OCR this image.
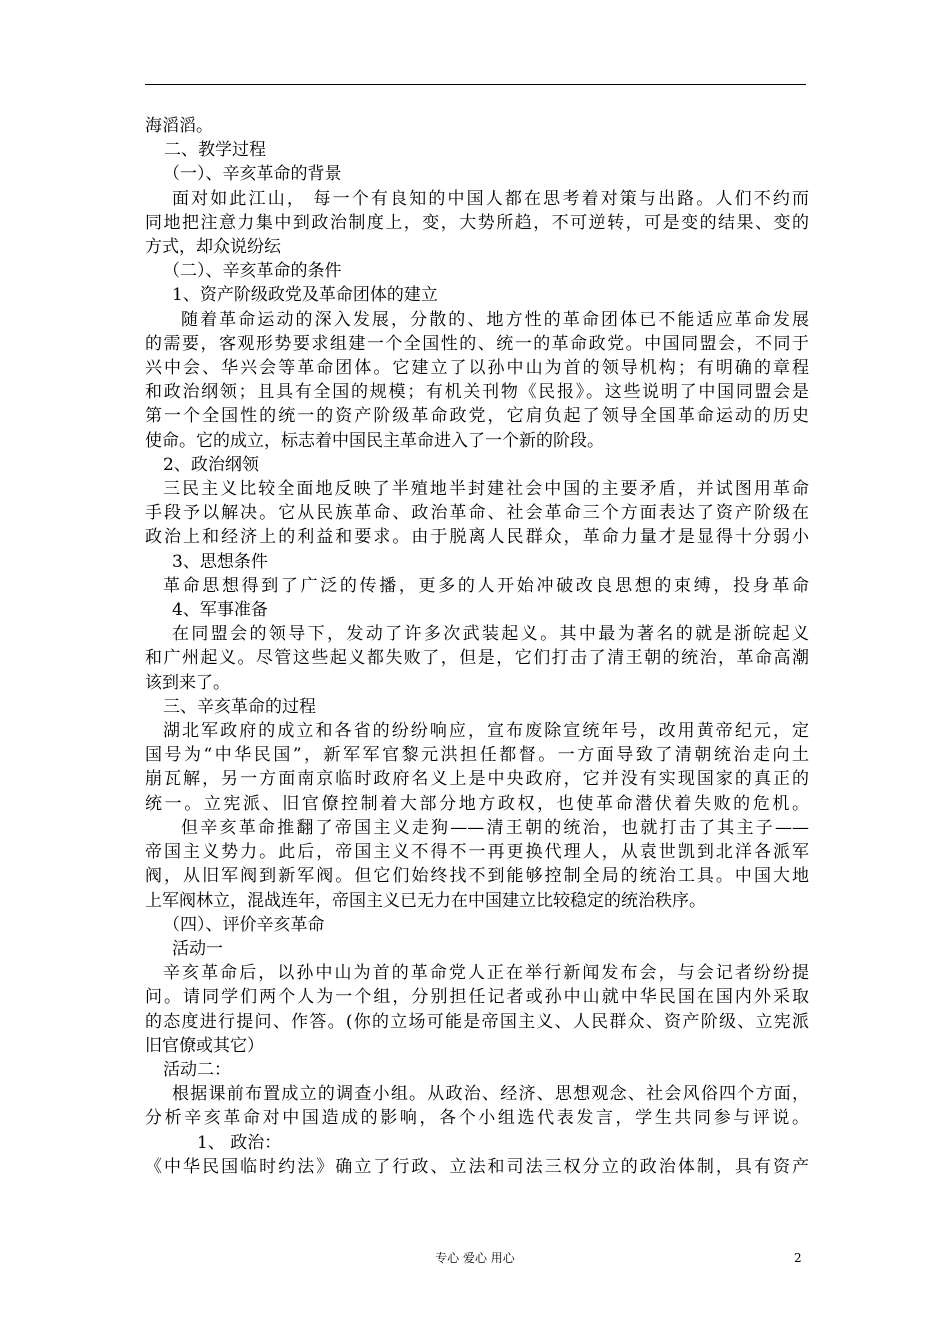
海滔滔。
二、教学过程
（一）、辛亥革命的背景
面对如此江山， 每一个有良知的中国人都在思考着对策与出路。人们不约而
同地把注意力集中到政治制度上，变，大势所趋，不可逆转，可是变的结果、变的
方式，却众说纷纭
（二）、辛亥革命的条件
1、资产阶级政党及革命团体的建立
随着革命运动的深入发展，分散的、地方性的革命团体已不能适应革命发展
的需要，客观形势要求组建一个全国性的、统一的革命政党。中国同盟会，不同于
兴中会、华兴会等革命团体。它建立了以孙中山为首的领导机构；有明确的章程
和政治纲领；且具有全国的规模；有机关刊物《民报》。这些说明了中国同盟会是
第一个全国性的统一的资产阶级革命政党，它肩负起了领导全国革命运动的历史
使命。它的成立，标志着中国民主革命进入了一个新的阶段。
2、政治纲领
三民主义比较全面地反映了半殖地半封建社会中国的主要矛盾，并试图用革命
手段予以解决。它从民族革命、政治革命、社会革命三个方面表达了资产阶级在
政治上和经济上的利益和要求。由于脱离人民群众，革命力量才是显得十分弱小
3、思想条件
革命思想得到了广泛的传播，更多的人开始冲破改良思想的束缚，投身革命
4、军事准备
在同盟会的领导下，发动了许多次武装起义。其中最为著名的就是浙皖起义
和广州起义。尽管这些起义都失败了，但是，它们打击了清王朝的统治，革命高潮
该到来了。
三、辛亥革命的过程
湖北军政府的成立和各省的纷纷响应，宣布废除宣统年号，改用黄帝纪元，定
国号为“中华民国”，新军军官黎元洪担任都督。一方面导致了清朝统治走向土
崩瓦解，另一方面南京临时政府名义上是中央政府，它并没有实现国家的真正的
统一。立宪派、旧官僚控制着大部分地方政权，也使革命潜伏着失败的危机。
但辛亥革命推翻了帝国主义走狗——清王朝的统治，也就打击了其主子——
帝国主义势力。此后，帝国主义不得不一再更换代理人，从袁世凯到北洋各派军
阀，从旧军阀到新军阀。但它们始终找不到能够控制全局的统治工具。中国大地
上军阀林立，混战连年，帝国主义已无力在中国建立比较稳定的统治秩序。
（四）、评价辛亥革命
活动一
辛亥革命后，以孙中山为首的革命党人正在举行新闻发布会，与会记者纷纷提
问。请同学们两个人为一个组，分别担任记者或孙中山就中华民国在国内外采取
的态度进行提问、作答。(你的立场可能是帝国主义、人民群众、资产阶级、立宪派
旧官僚或其它）
活动二：
根据课前布置成立的调查小组。从政治、经济、思想观念、社会风俗四个方面，
分析辛亥革命对中国造成的影响，各个小组选代表发言，学生共同参与评说。
1、 政治：
《中华民国临时约法》确立了行政、立法和司法三权分立的政治体制，具有资产
专心 爱心 用心	2
